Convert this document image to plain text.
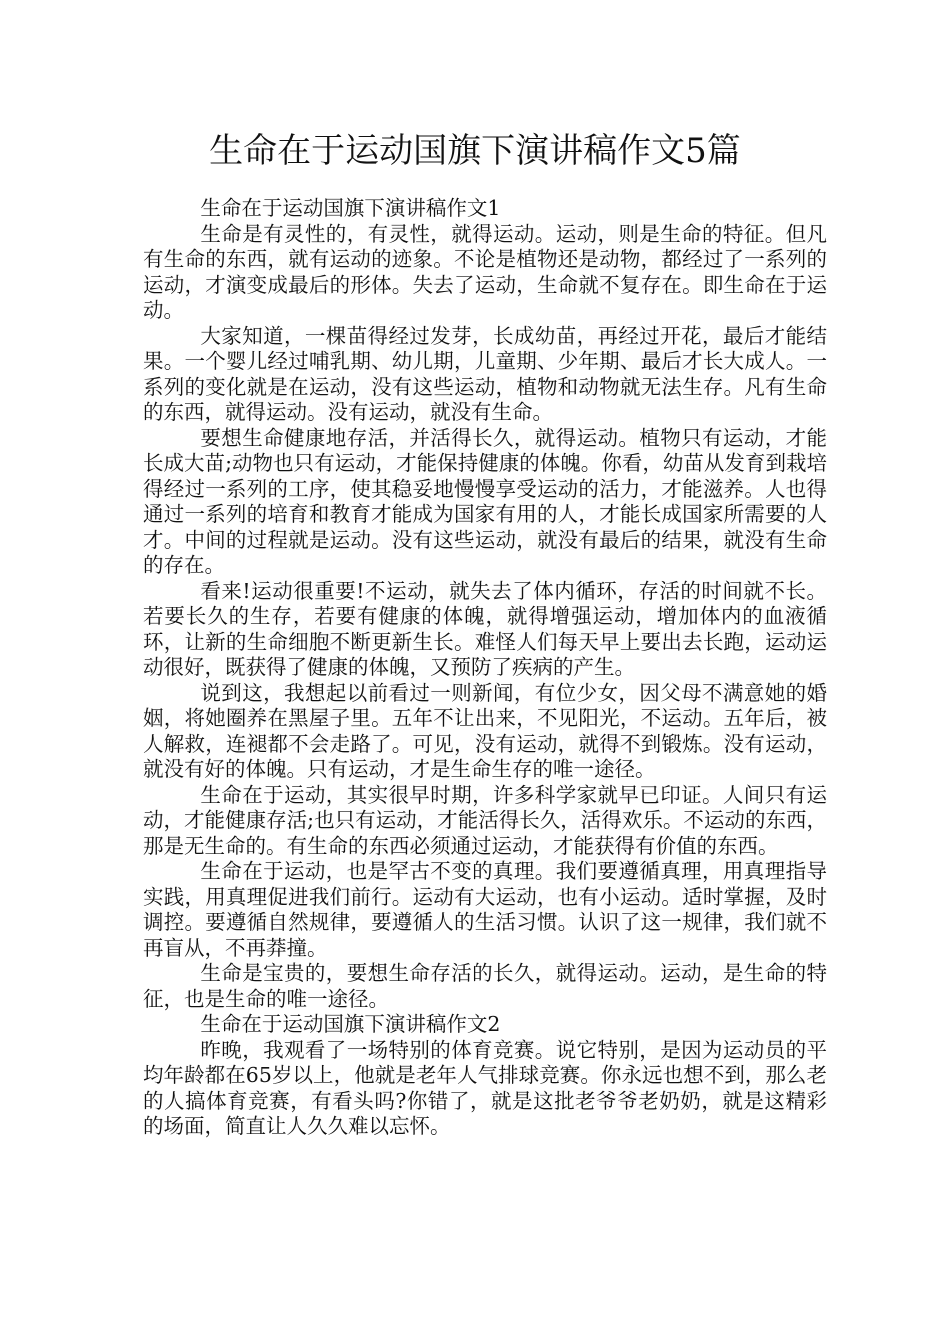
生命在于运动国旗下演讲稿作文5篇

生命在于运动国旗下演讲稿作文1

生命是有灵性的，有灵性，就得运动。运动，则是生命的特征。但凡有生命的东西，就有运动的迹象。不论是植物还是动物，都经过了一系列的运动，才演变成最后的形体。失去了运动，生命就不复存在。即生命在于运动。

大家知道，一棵苗得经过发芽，长成幼苗，再经过开花，最后才能结果。一个婴儿经过哺乳期、幼儿期，儿童期、少年期、最后才长大成人。一系列的变化就是在运动，没有这些运动，植物和动物就无法生存。凡有生命的东西，就得运动。没有运动，就没有生命。

要想生命健康地存活，并活得长久，就得运动。植物只有运动，才能长成大苗;动物也只有运动，才能保持健康的体魄。你看，幼苗从发育到栽培得经过一系列的工序，使其稳妥地慢慢享受运动的活力，才能滋养。人也得通过一系列的培育和教育才能成为国家有用的人，才能长成国家所需要的人才。中间的过程就是运动。没有这些运动，就没有最后的结果，就没有生命的存在。

看来!运动很重要!不运动，就失去了体内循环，存活的时间就不长。若要长久的生存，若要有健康的体魄，就得增强运动，增加体内的血液循环，让新的生命细胞不断更新生长。难怪人们每天早上要出去长跑，运动运动很好，既获得了健康的体魄，又预防了疾病的产生。

说到这，我想起以前看过一则新闻，有位少女，因父母不满意她的婚姻，将她圈养在黑屋子里。五年不让出来，不见阳光，不运动。五年后，被人解救，连褪都不会走路了。可见，没有运动，就得不到锻炼。没有运动，就没有好的体魄。只有运动，才是生命生存的唯一途径。

生命在于运动，其实很早时期，许多科学家就早已印证。人间只有运动，才能健康存活;也只有运动，才能活得长久，活得欢乐。不运动的东西，那是无生命的。有生命的东西必须通过运动，才能获得有价值的东西。

生命在于运动，也是罕古不变的真理。我们要遵循真理，用真理指导实践，用真理促进我们前行。运动有大运动，也有小运动。适时掌握，及时调控。要遵循自然规律，要遵循人的生活习惯。认识了这一规律，我们就不再盲从，不再莽撞。

生命是宝贵的，要想生命存活的长久，就得运动。运动，是生命的特征，也是生命的唯一途径。

生命在于运动国旗下演讲稿作文2

昨晚，我观看了一场特别的体育竞赛。说它特别，是因为运动员的平均年龄都在65岁以上，他就是老年人气排球竞赛。你永远也想不到，那么老的人搞体育竞赛，有看头吗?你错了，就是这批老爷爷老奶奶，就是这精彩的场面，简直让人久久难以忘怀。
